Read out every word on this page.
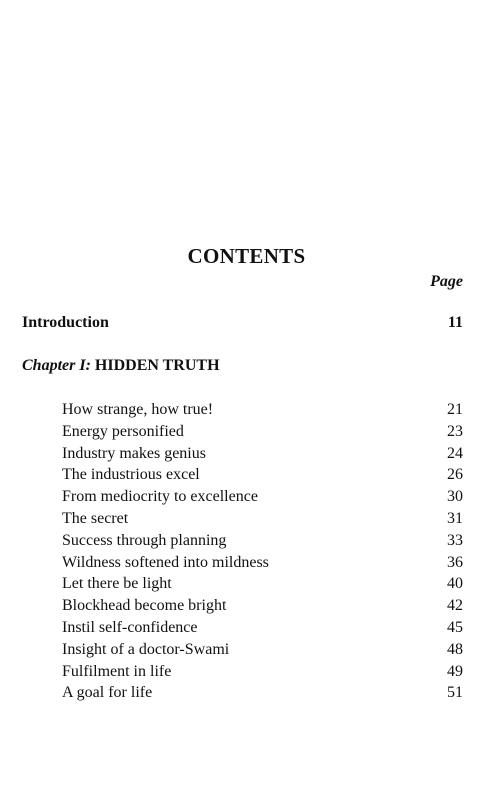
CONTENTS
Page
Introduction	11
Chapter I: HIDDEN TRUTH
How strange, how true!	21
Energy personified	23
Industry makes genius	24
The industrious excel	26
From mediocrity to excellence	30
The secret	31
Success through planning	33
Wildness softened into mildness	36
Let there be light	40
Blockhead become bright	42
Instil self-confidence	45
Insight of a doctor-Swami	48
Fulfilment in life	49
A goal for life	51
